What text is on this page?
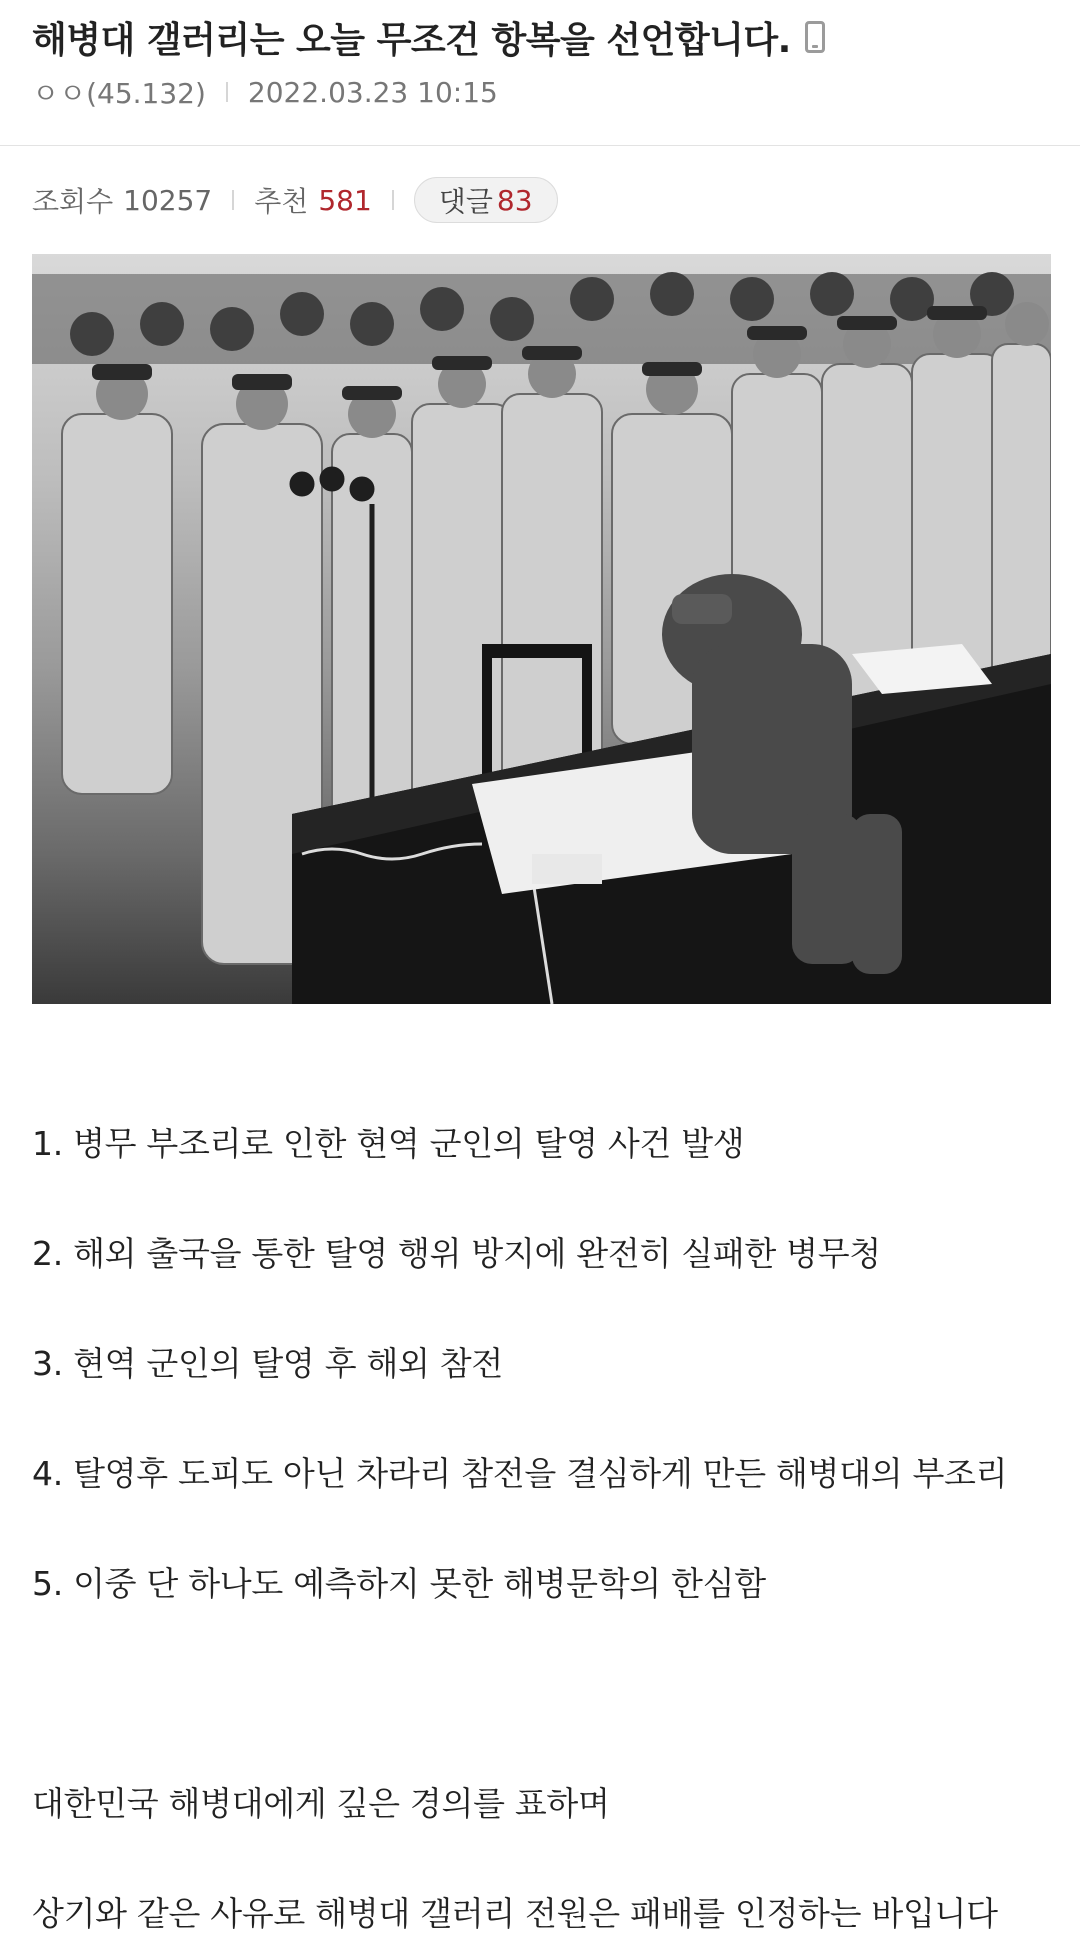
해병대 갤러리는 오늘 무조건 항복을 선언합니다.
ㅇㅇ(45.132) 2022.03.23 10:15
조회수 10257 추천 581 댓글 83
1. 병무 부조리로 인한 현역 군인의 탈영 사건 발생
2. 해외 출국을 통한 탈영 행위 방지에 완전히 실패한 병무청
3. 현역 군인의 탈영 후 해외 참전
4. 탈영후 도피도 아닌 차라리 참전을 결심하게 만든 해병대의 부조리
5. 이중 단 하나도 예측하지 못한 해병문학의 한심함
대한민국 해병대에게 깊은 경의를 표하며
상기와 같은 사유로 해병대 갤러리 전원은 패배를 인정하는 바입니다
